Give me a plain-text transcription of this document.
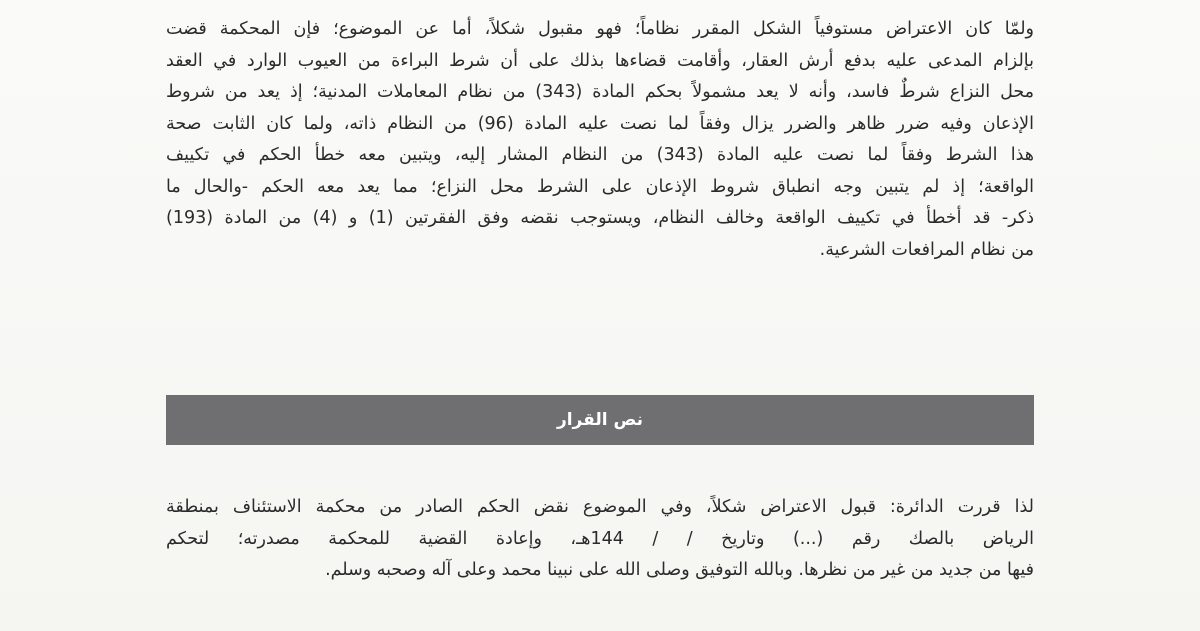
ولمّا كان الاعتراض مستوفياً الشكل المقرر نظاماً؛ فهو مقبول شكلاً، أما عن الموضوع؛ فإن المحكمة قضت
بإلزام المدعى عليه بدفع أرش العقار، وأقامت قضاءها بذلك على أن شرط البراءة من العيوب الوارد في العقد
محل النزاع شرطٌ فاسد، وأنه لا يعد مشمولاً بحكم المادة (343) من نظام المعاملات المدنية؛ إذ يعد من شروط
الإذعان وفيه ضرر ظاهر والضرر يزال وفقاً لما نصت عليه المادة (96) من النظام ذاته، ولما كان الثابت صحة
هذا الشرط وفقاً لما نصت عليه المادة (343) من النظام المشار إليه، ويتبين معه خطأ الحكم في تكييف
الواقعة؛ إذ لم يتبين وجه انطباق شروط الإذعان على الشرط محل النزاع؛ مما يعد معه الحكم -والحال ما
ذكر- قد أخطأ في تكييف الواقعة وخالف النظام، ويستوجب نقضه وفق الفقرتين (1) و (4) من المادة (193)
من نظام المرافعات الشرعية.

نص القرار

لذا قررت الدائرة: قبول الاعتراض شكلاً، وفي الموضوع نقض الحكم الصادر من محكمة الاستئناف بمنطقة
الرياض بالصك رقم (...) وتاريخ / / 144هـ، وإعادة القضية للمحكمة مصدرته؛ لتحكم
فيها من جديد من غير من نظرها. وبالله التوفيق وصلى الله على نبينا محمد وعلى آله وصحبه وسلم.
